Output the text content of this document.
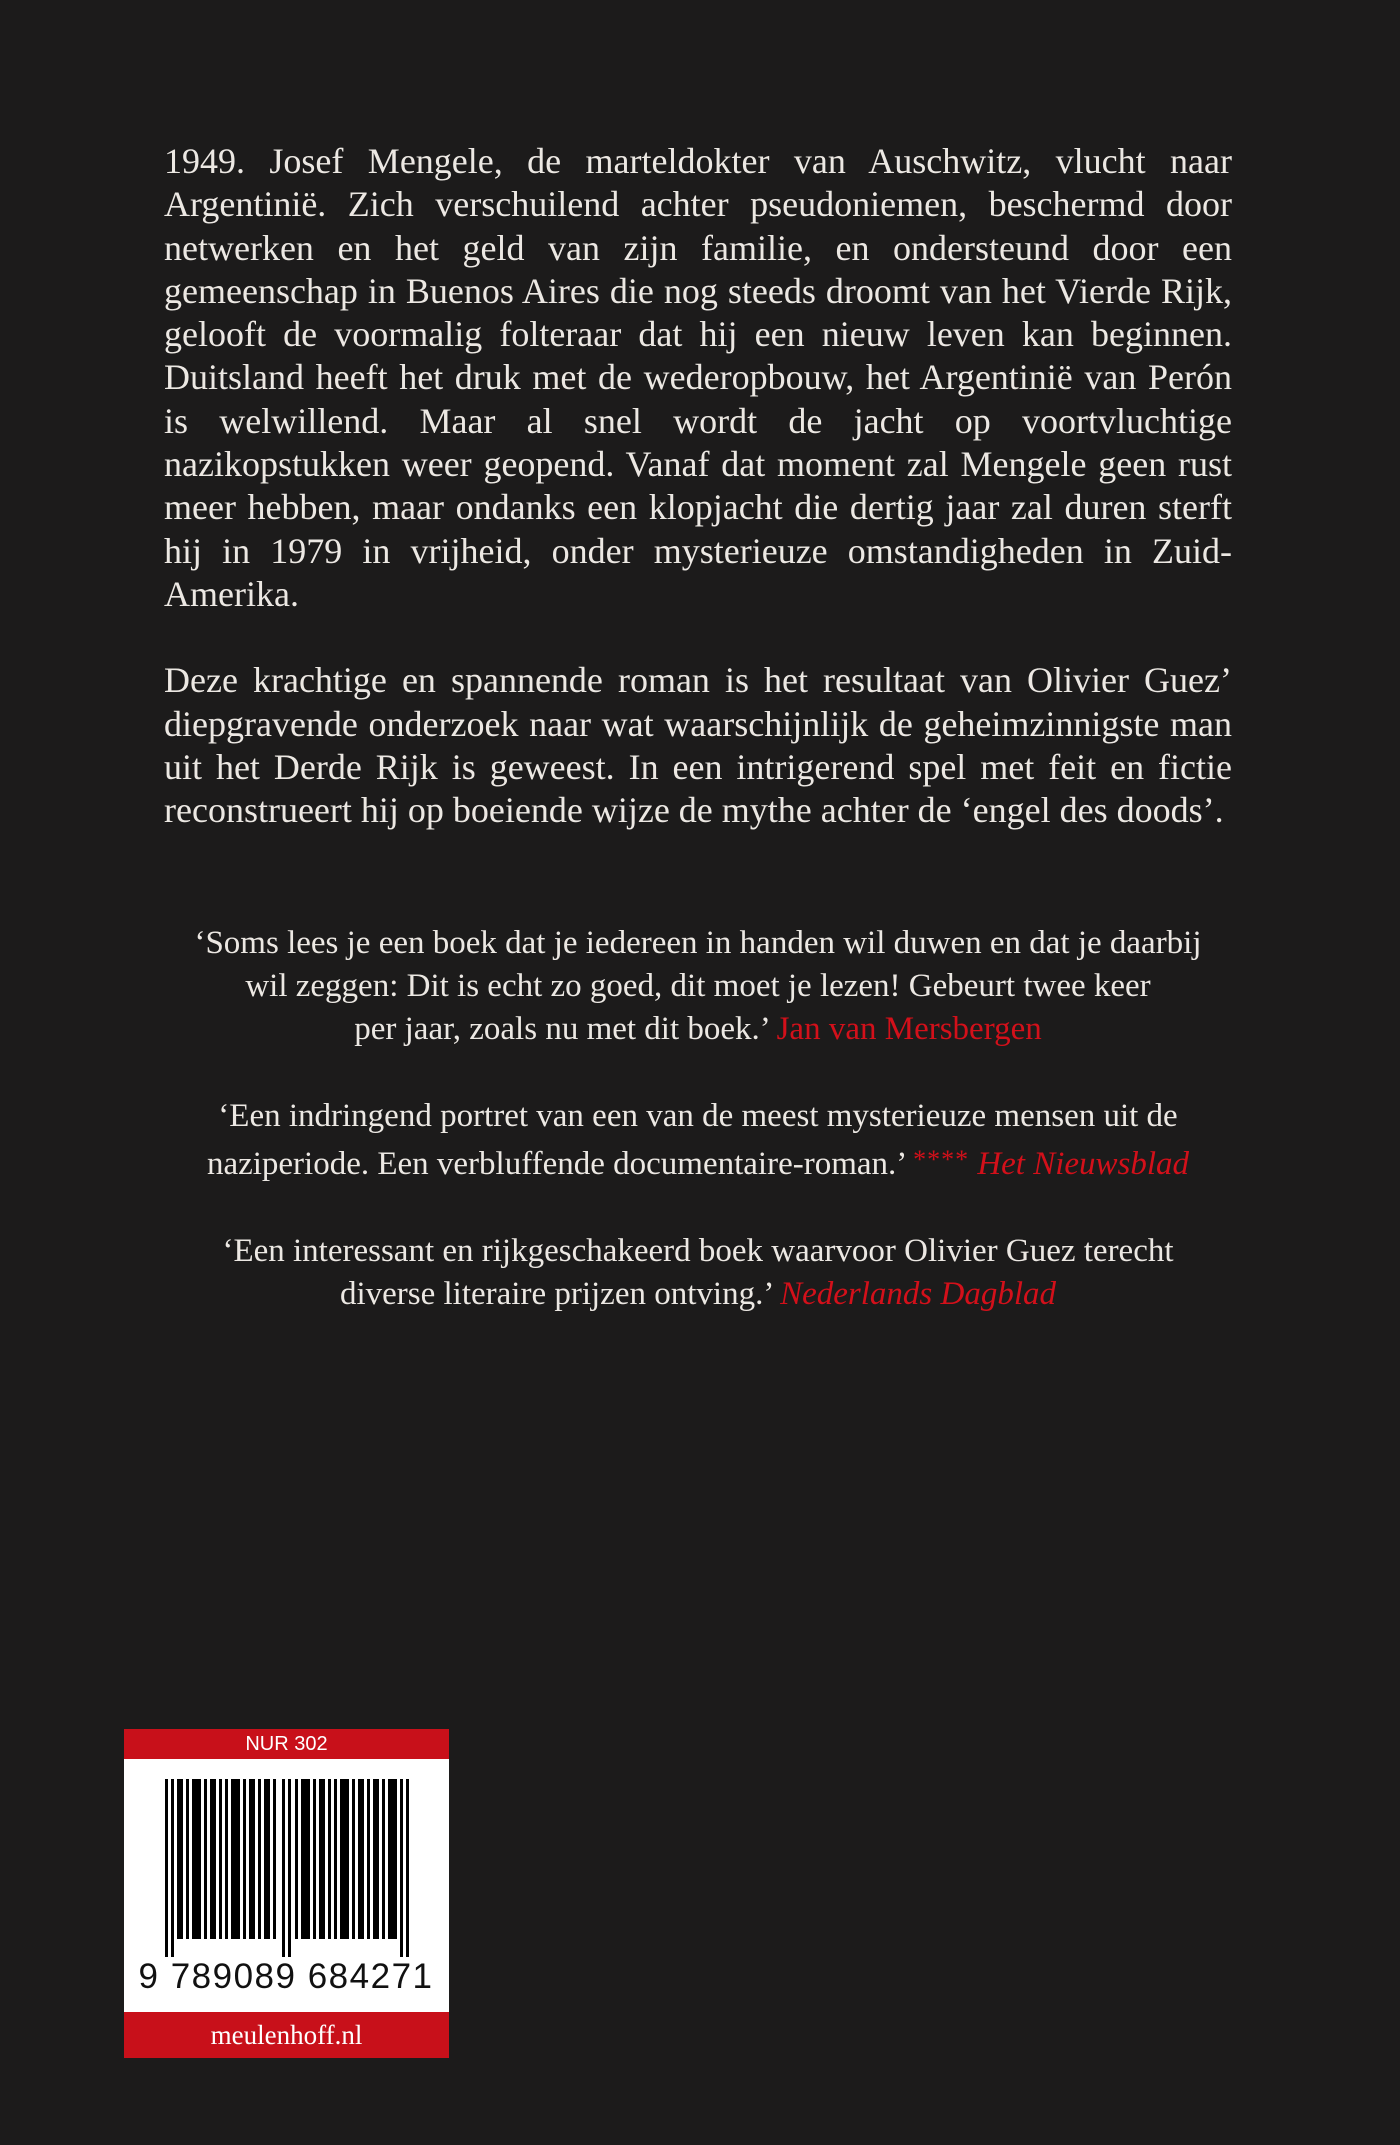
1949. Josef Mengele, de marteldokter van Auschwitz, vlucht naar Argentinië. Zich verschuilend achter pseudoniemen, beschermd door netwerken en het geld van zijn familie, en ondersteund door een gemeenschap in Buenos Aires die nog steeds droomt van het Vierde Rijk, gelooft de voormalig folteraar dat hij een nieuw leven kan beginnen. Duitsland heeft het druk met de wederopbouw, het Argentinië van Perón is welwillend. Maar al snel wordt de jacht op voortvluchtige nazikopstukken weer geopend. Vanaf dat moment zal Mengele geen rust meer hebben, maar ondanks een klopjacht die dertig jaar zal duren sterft hij in 1979 in vrijheid, onder mysterieuze omstandigheden in Zuid-Amerika.

Deze krachtige en spannende roman is het resultaat van Olivier Guez’ diepgravende onderzoek naar wat waarschijnlijk de geheimzinnigste man uit het Derde Rijk is geweest. In een intrigerend spel met feit en fictie reconstrueert hij op boeiende wijze de mythe achter de ‘engel des doods’.

‘Soms lees je een boek dat je iedereen in handen wil duwen en dat je daarbij
wil zeggen: Dit is echt zo goed, dit moet je lezen! Gebeurt twee keer
per jaar, zoals nu met dit boek.’ Jan van Mersbergen
‘Een indringend portret van een van de meest mysterieuze mensen uit de
naziperiode. Een verbluffende documentaire-roman.’ **** Het Nieuwsblad
‘Een interessant en rijkgeschakeerd boek waarvoor Olivier Guez terecht
diverse literaire prijzen ontving.’ Nederlands Dagblad
NUR 302
9 789089 684271
meulenhoff.nl
